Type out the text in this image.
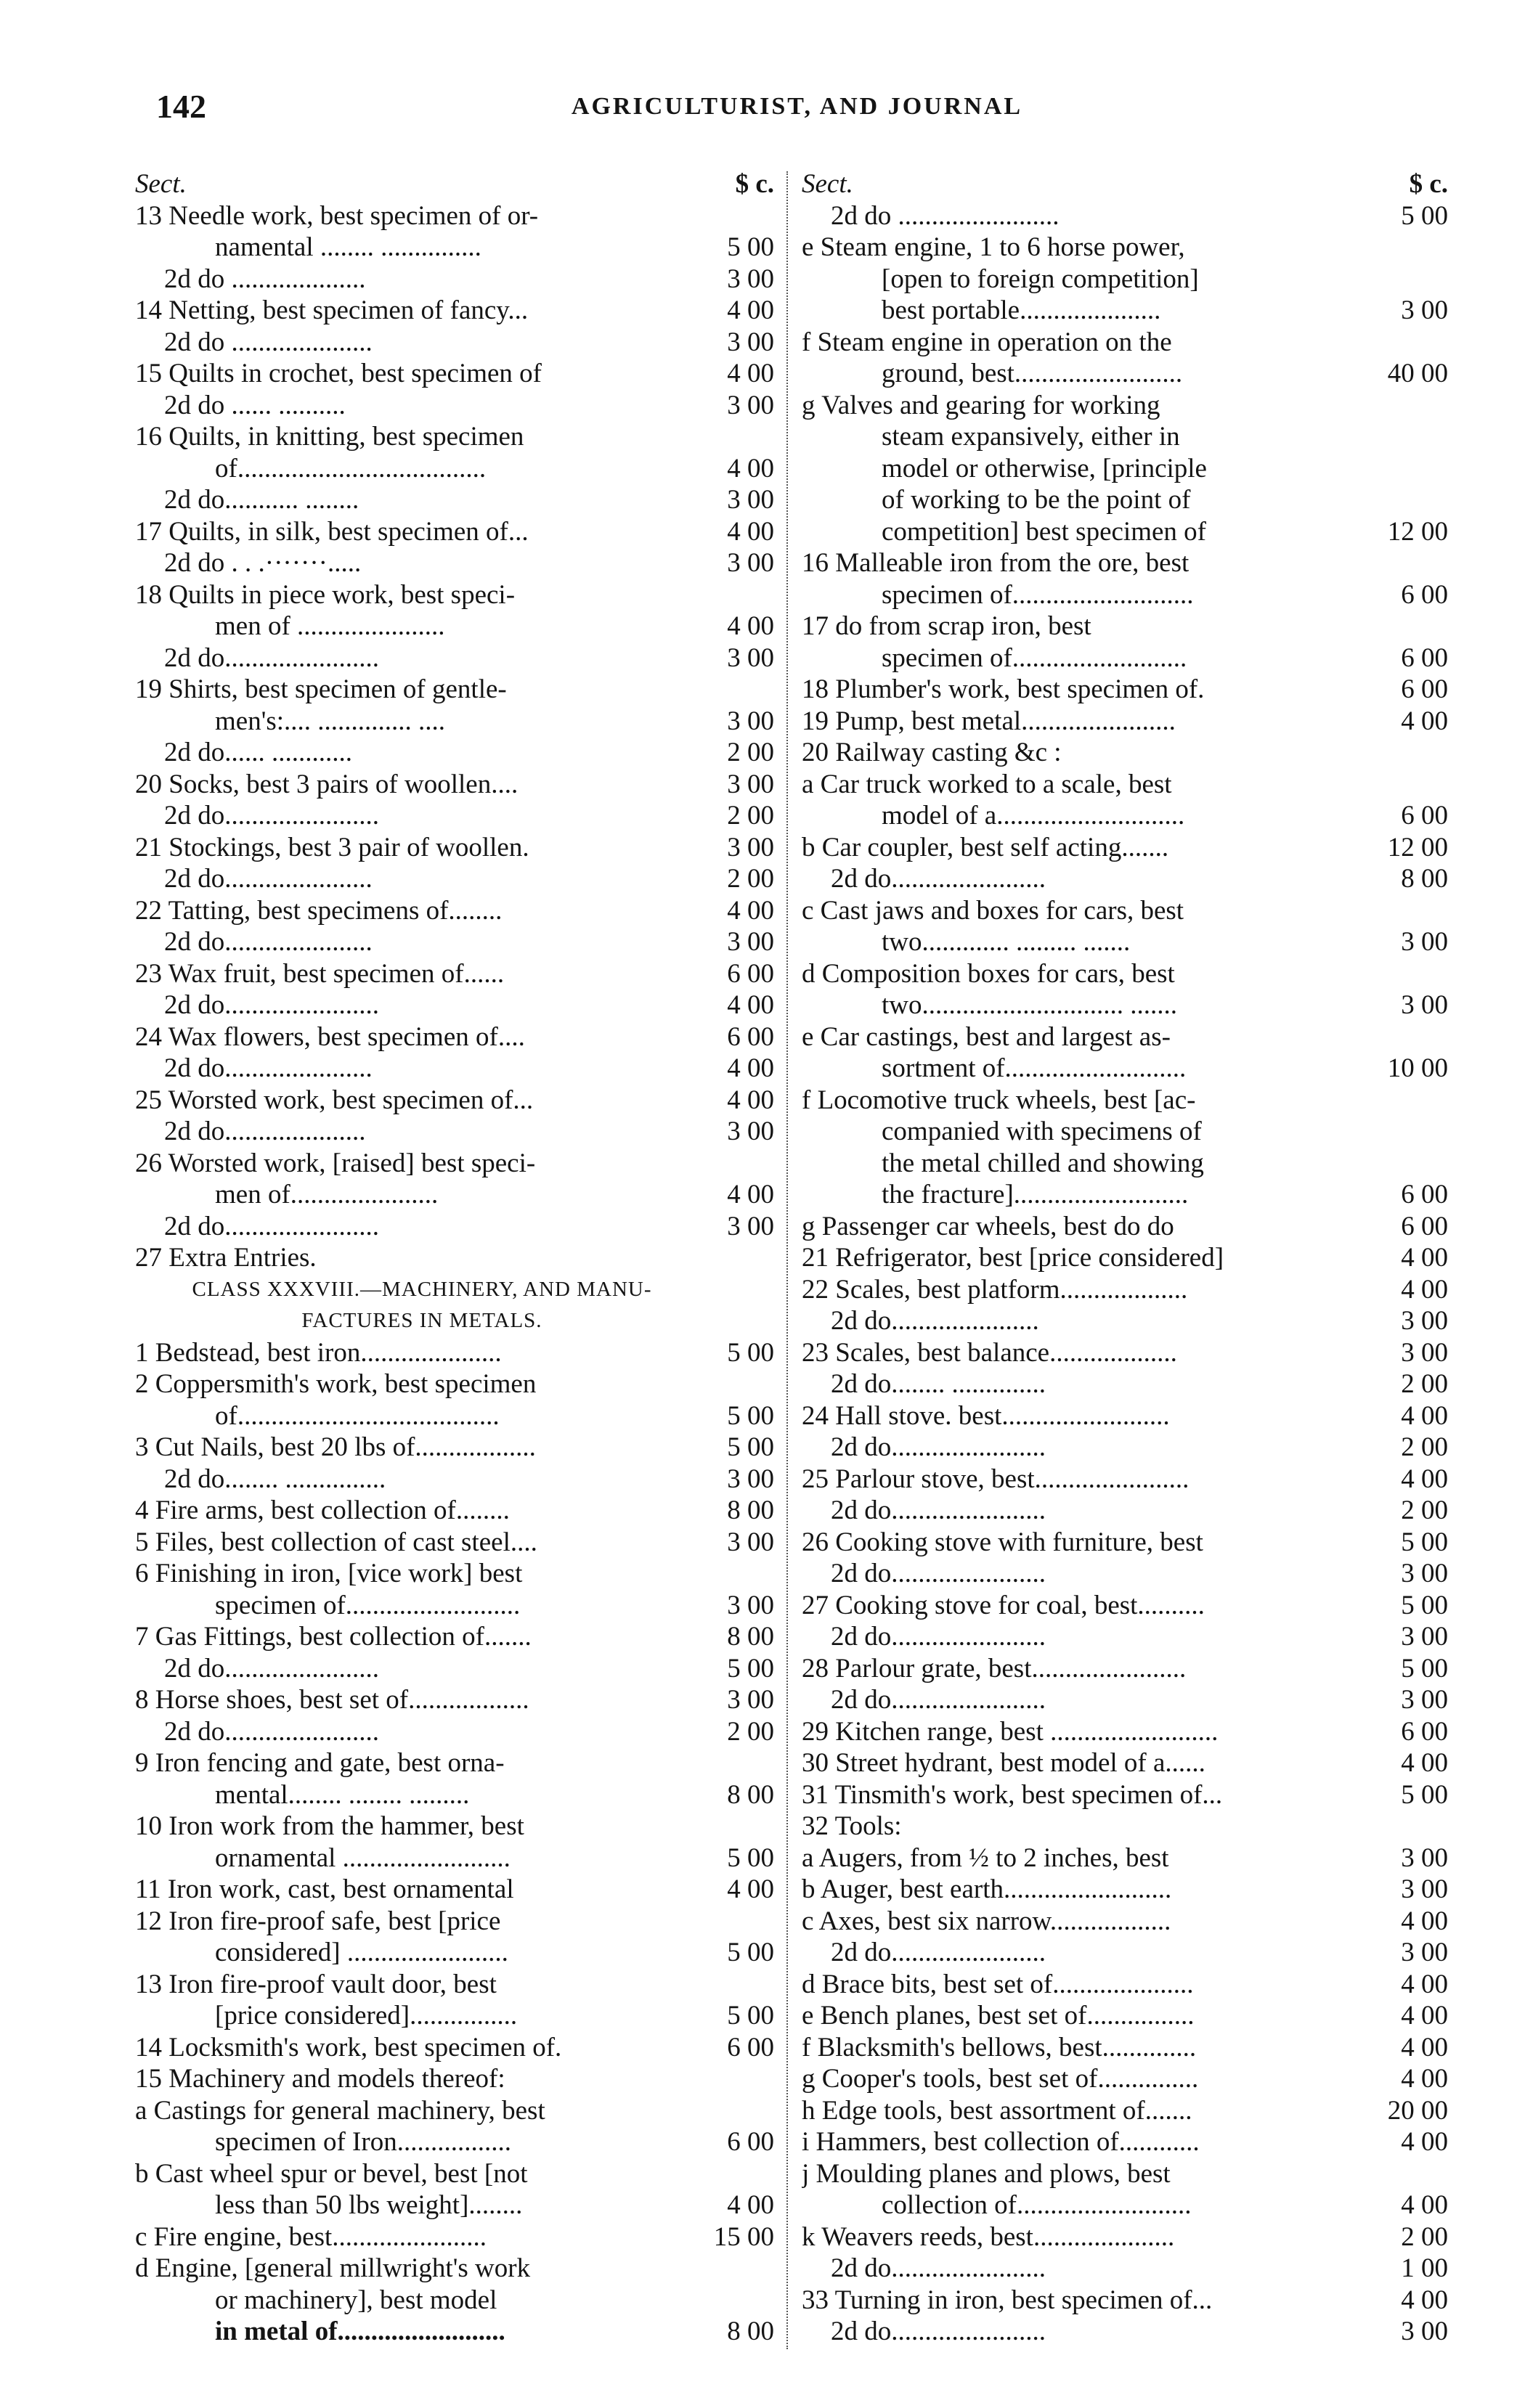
142	AGRICULTURIST, AND JOURNAL
Sect.	$ c.
13 Needle work, best specimen of or-
namental ........ ...............	5 00
2d do ....................	3 00
14 Netting, best specimen of fancy...	4 00
2d do .....................	3 00
15 Quilts in crochet, best specimen of	4 00
2d do ...... ..........	3 00
16 Quilts, in knitting, best specimen
of.....................................	4 00
2d do........... ........	3 00
17 Quilts, in silk, best specimen of...	4 00
2d do . . .·······.....	3 00
18 Quilts in piece work, best speci-
men of ......................	4 00
2d do.......................	3 00
19 Shirts, best specimen of gentle-
men's:.... .............. ....	3 00
2d do...... ............	2 00
20 Socks, best 3 pairs of woollen....	3 00
2d do.......................	2 00
21 Stockings, best 3 pair of woollen.	3 00
2d do......................	2 00
22 Tatting, best specimens of........	4 00
2d do......................	3 00
23 Wax fruit, best specimen of......	6 00
2d do.......................	4 00
24 Wax flowers, best specimen of....	6 00
2d do......................	4 00
25 Worsted work, best specimen of...	4 00
2d do.....................	3 00
26 Worsted work, [raised] best speci-
men of......................	4 00
2d do.......................	3 00
27 Extra Entries.
CLASS XXXVIII.—MACHINERY, AND MANU-
FACTURES IN METALS.
1 Bedstead, best iron.....................	5 00
2 Coppersmith's work, best specimen
of.......................................	5 00
3 Cut Nails, best 20 lbs of..................	5 00
2d do........ ...............	3 00
4 Fire arms, best collection of........	8 00
5 Files, best collection of cast steel....	3 00
6 Finishing in iron, [vice work] best
specimen of..........................	3 00
7 Gas Fittings, best collection of.......	8 00
2d do.......................	5 00
8 Horse shoes, best set of..................	3 00
2d do.......................	2 00
9 Iron fencing and gate, best orna-
mental........ ........ .........	8 00
10 Iron work from the hammer, best
ornamental .........................	5 00
11 Iron work, cast, best ornamental	4 00
12 Iron fire-proof safe, best [price
considered] ........................	5 00
13 Iron fire-proof vault door, best
[price considered]................	5 00
14 Locksmith's work, best specimen of.	6 00
15 Machinery and models thereof:
a Castings for general machinery, best
specimen of Iron.................	6 00
b Cast wheel spur or bevel, best [not
less than 50 lbs weight]........	4 00
c Fire engine, best.......................	15 00
d Engine, [general millwright's work
or machinery], best model
in metal of.........................	8 00
Sect.	$ c.
2d do ........................	5 00
e Steam engine, 1 to 6 horse power,
[open to foreign competition]
best portable.....................	3 00
f Steam engine in operation on the
ground, best.........................	40 00
g Valves and gearing for working
steam expansively, either in
model or otherwise, [principle
of working to be the point of
competition] best specimen of	12 00
16 Malleable iron from the ore, best
specimen of...........................	6 00
17 do from scrap iron, best
specimen of..........................	6 00
18 Plumber's work, best specimen of.	6 00
19 Pump, best metal.......................	4 00
20 Railway casting &c :
a Car truck worked to a scale, best
model of a............................	6 00
b Car coupler, best self acting.......	12 00
2d do.......................	8 00
c Cast jaws and boxes for cars, best
two............. ......... .......	3 00
d Composition boxes for cars, best
two.............................. .......	3 00
e Car castings, best and largest as-
sortment of...........................	10 00
f Locomotive truck wheels, best [ac-
companied with specimens of
the metal chilled and showing
the fracture]..........................	6 00
g Passenger car wheels, best do do	6 00
21 Refrigerator, best [price considered]	4 00
22 Scales, best platform...................	4 00
2d do......................	3 00
23 Scales, best balance...................	3 00
2d do........ ..............	2 00
24 Hall stove. best.........................	4 00
2d do.......................	2 00
25 Parlour stove, best.......................	4 00
2d do.......................	2 00
26 Cooking stove with furniture, best	5 00
2d do.......................	3 00
27 Cooking stove for coal, best..........	5 00
2d do.......................	3 00
28 Parlour grate, best.......................	5 00
2d do.......................	3 00
29 Kitchen range, best .........................	6 00
30 Street hydrant, best model of a......	4 00
31 Tinsmith's work, best specimen of...	5 00
32 Tools:
a Augers, from ½ to 2 inches, best	3 00
b Auger, best earth.........................	3 00
c Axes, best six narrow..................	4 00
2d do.......................	3 00
d Brace bits, best set of.....................	4 00
e Bench planes, best set of................	4 00
f Blacksmith's bellows, best..............	4 00
g Cooper's tools, best set of...............	4 00
h Edge tools, best assortment of.......	20 00
i Hammers, best collection of............	4 00
j Moulding planes and plows, best
collection of..........................	4 00
k Weavers reeds, best.....................	2 00
2d do.......................	1 00
33 Turning in iron, best specimen of...	4 00
2d do.......................	3 00
